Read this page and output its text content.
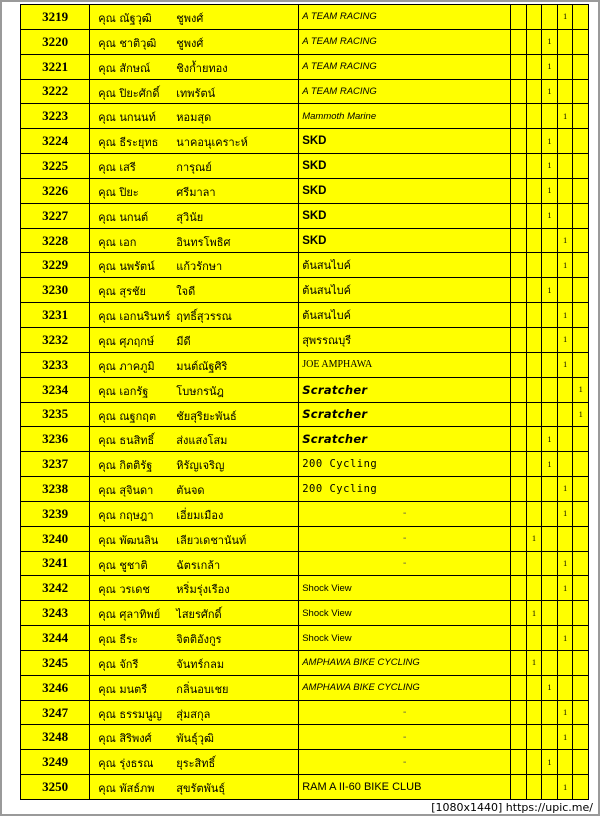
3219	คุณ ณัฐวุฒิ ชูพงศ์	A TEAM RACING				1	
3220	คุณ ชาติวุฒิ ชูพงศ์	A TEAM RACING			1		
3221	คุณ สักษณ์ ชิงก้ำยทอง	A TEAM RACING			1		
3222	คุณ ปิยะศักดิ์ เทพรัตน์	A TEAM RACING			1		
3223	คุณ นกนนท์ หอมสุด	Mammoth Marine				1	
3224	คุณ ธีระยุทธ นาคอนุเคราะห์	SKD			1		
3225	คุณ เสรี การุณย์	SKD			1		
3226	คุณ ปิยะ ศรีมาลา	SKD			1		
3227	คุณ นกนต์ สุวินัย	SKD			1		
3228	คุณ เอก อินทรโพธิศ	SKD				1	
3229	คุณ นพรัตน์ แก้วรักษา	ต้นสนไบค์				1	
3230	คุณ สุรชัย ใจดี	ต้นสนไบค์			1		
3231	คุณ เอกนรินทร์ ฤทธิ์สุวรรณ	ต้นสนไบค์				1	
3232	คุณ ศุภฤกษ์ มีดี	สุพรรณบุรี				1	
3233	คุณ ภาคภูมิ มนต์ณัฐศิริ	JOE AMPHAWA				1	
3234	คุณ เอกรัฐ โบษกรนัฎ	Scratcher					1
3235	คุณ ณฐกฤต ชัยสุริยะพันธ์	Scratcher					1
3236	คุณ ธนสิทธิ์ ส่งแสงโสม	Scratcher			1		
3237	คุณ กิตติรัฐ หิรัญเจริญ	200 Cycling			1		
3238	คุณ สุจินดา ตันจด	200 Cycling				1	
3239	คุณ กฤษฎา เอี่ยมเมือง	-				1	
3240	คุณ พัฒนลิน เลียวเดชานันท์	-		1			
3241	คุณ ชูชาติ ฉัตรเกล้า	-				1	
3242	คุณ วรเดช หริ่มรุ่งเรือง	Shock View				1	
3243	คุณ ศุลาทิพย์ ไสยรศักดิ์	Shock View		1			
3244	คุณ ธีระ จิตติอังกูร	Shock View				1	
3245	คุณ จักรี จันทร์กลม	AMPHAWA BIKE CYCLING		1			
3246	คุณ มนตรี กลิ่นอบเชย	AMPHAWA BIKE CYCLING			1		
3247	คุณ ธรรมนูญ สุ่มสกุล	-				1	
3248	คุณ สิริพงศ์ พันธุ์วุฒิ	-				1	
3249	คุณ รุ่งธรณ ยุระสิทธิ์	-			1		
3250	คุณ พัสธ์ภพ สุขรัตพันธุ์	RAM A II-60 BIKE CLUB				1	
[1080x1440] https://upic.me/
